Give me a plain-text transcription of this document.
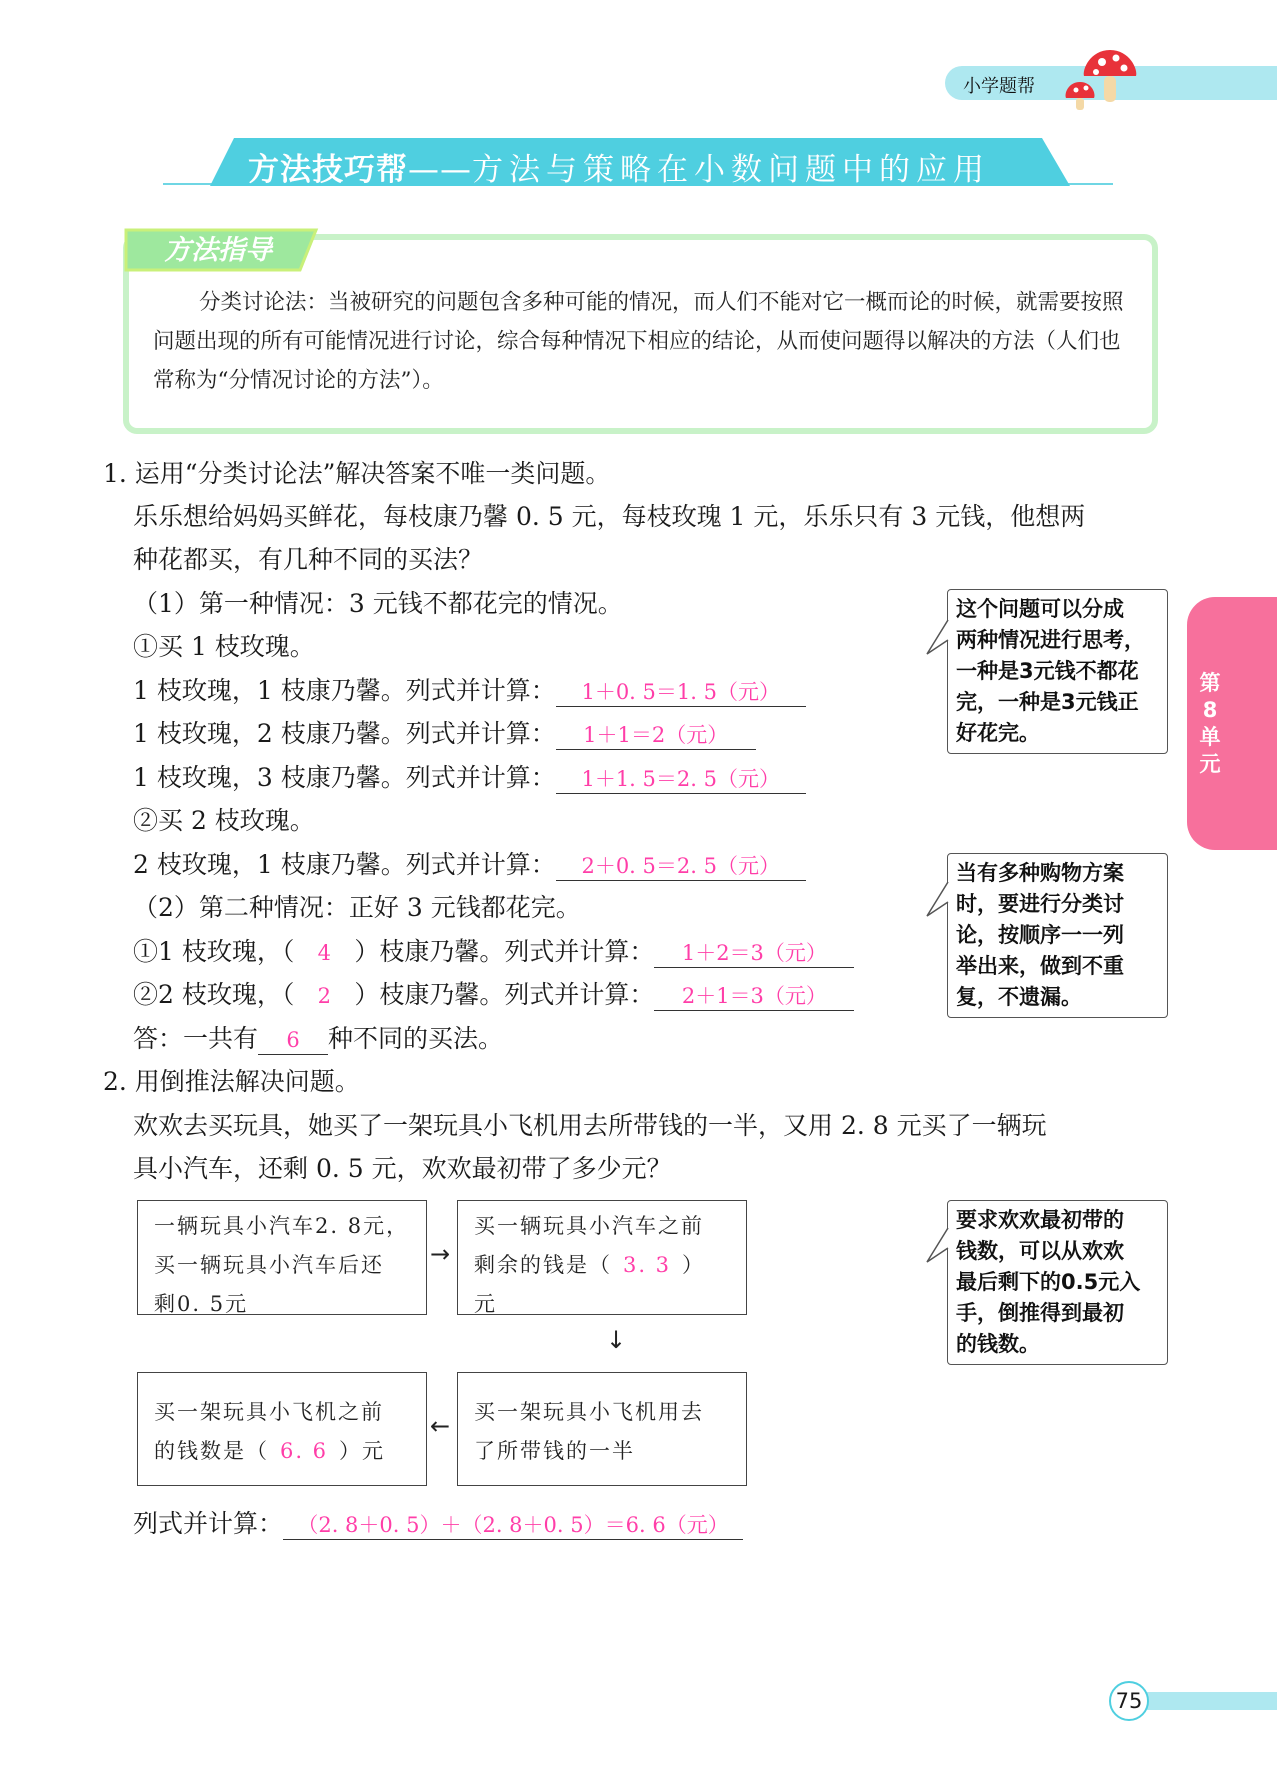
小学题帮
方法技巧帮——方法与策略在小数问题中的应用
方法指导
分类讨论法：当被研究的问题包含多种可能的情况，而人们不能对它一概而论的时候，就需要按照问题出现的所有可能情况进行讨论，综合每种情况下相应的结论，从而使问题得以解决的方法（人们也常称为“分情况讨论的方法”）。
第8单元
1. 运用“分类讨论法”解决答案不唯一类问题。
乐乐想给妈妈买鲜花，每枝康乃馨 0. 5 元，每枝玫瑰 1 元，乐乐只有 3 元钱，他想两
种花都买，有几种不同的买法？
（1）第一种情况：3 元钱不都花完的情况。
①买 1 枝玫瑰。
1 枝玫瑰，1 枝康乃馨。列式并计算： 1＋0. 5＝1. 5（元）
1 枝玫瑰，2 枝康乃馨。列式并计算： 1＋1＝2（元）
1 枝玫瑰，3 枝康乃馨。列式并计算： 1＋1. 5＝2. 5（元）
②买 2 枝玫瑰。
2 枝玫瑰，1 枝康乃馨。列式并计算： 2＋0. 5＝2. 5（元）
（2）第二种情况：正好 3 元钱都花完。
①1 枝玫瑰，（ 4 ）枝康乃馨。列式并计算： 1＋2＝3（元）
②2 枝玫瑰，（ 2 ）枝康乃馨。列式并计算： 2＋1＝3（元）
答：一共有 6 种不同的买法。
这个问题可以分成
两种情况进行思考，
一种是3元钱不都花
完，一种是3元钱正
好花完。
当有多种购物方案
时，要进行分类讨
论，按顺序一一列
举出来，做到不重
复，不遗漏。
要求欢欢最初带的
钱数，可以从欢欢
最后剩下的0.5元入
手，倒推得到最初
的钱数。
2. 用倒推法解决问题。
欢欢去买玩具，她买了一架玩具小飞机用去所带钱的一半，又用 2. 8 元买了一辆玩
具小汽车，还剩 0. 5 元，欢欢最初带了多少元？
一辆玩具小汽车2. 8元，
买一辆玩具小汽车后还
剩0. 5元
→
买一辆玩具小汽车之前
剩余的钱是（ 3. 3 ）
元
↓
买一架玩具小飞机之前
的钱数是（ 6. 6 ）元
← 买一架玩具小飞机用去
了所带钱的一半
列式并计算： （2. 8＋0. 5）＋（2. 8＋0. 5）＝6. 6（元）
75
